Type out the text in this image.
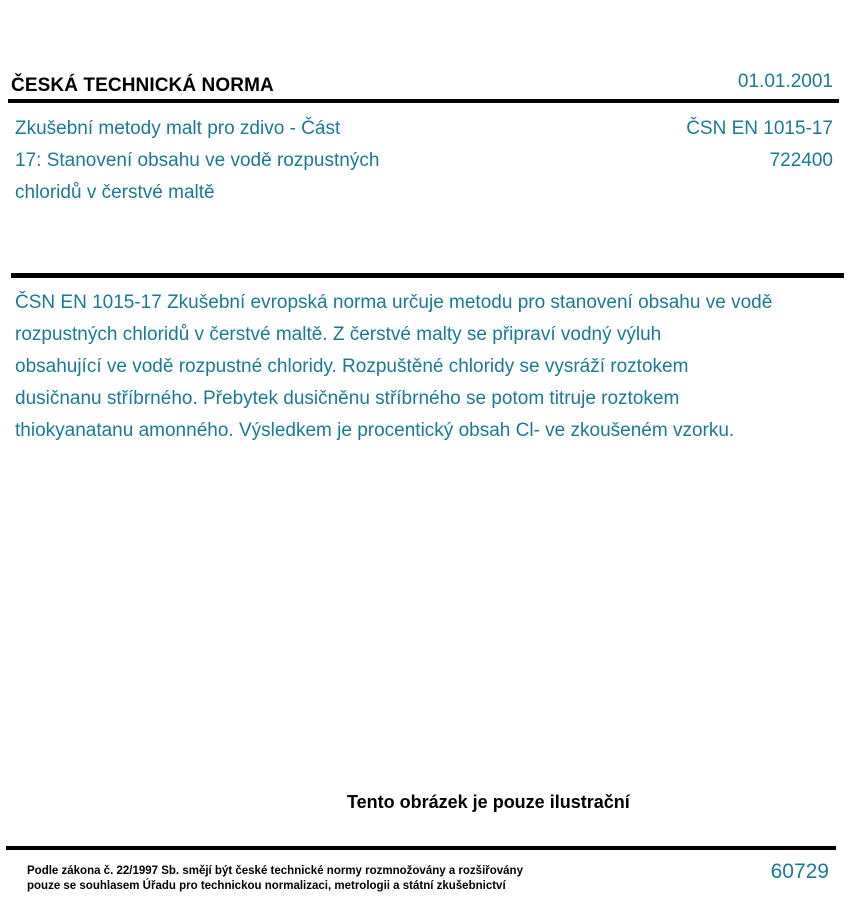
ČESKÁ TECHNICKÁ NORMA	01.01.2001
Zkušební metody malt pro zdivo - Část
17: Stanovení obsahu ve vodě rozpustných
chloridů v čerstvé maltě
ČSN EN 1015-17
722400
ČSN EN 1015-17 Zkušební evropská norma určuje metodu pro stanovení obsahu ve vodě
rozpustných chloridů v čerstvé maltě. Z čerstvé malty se připraví vodný výluh
obsahující ve vodě rozpustné chloridy. Rozpuštěné chloridy se vysráží roztokem
dusičnanu stříbrného. Přebytek dusičněnu stříbrného se potom titruje roztokem
thiokyanatanu amonného. Výsledkem je procentický obsah Cl- ve zkoušeném vzorku.
Tento obrázek je pouze ilustrační
Podle zákona č. 22/1997 Sb. smějí být české technické normy rozmnožovány a rozšiřovány
pouze se souhlasem Úřadu pro technickou normalizaci, metrologii a státní zkušebnictví
60729
